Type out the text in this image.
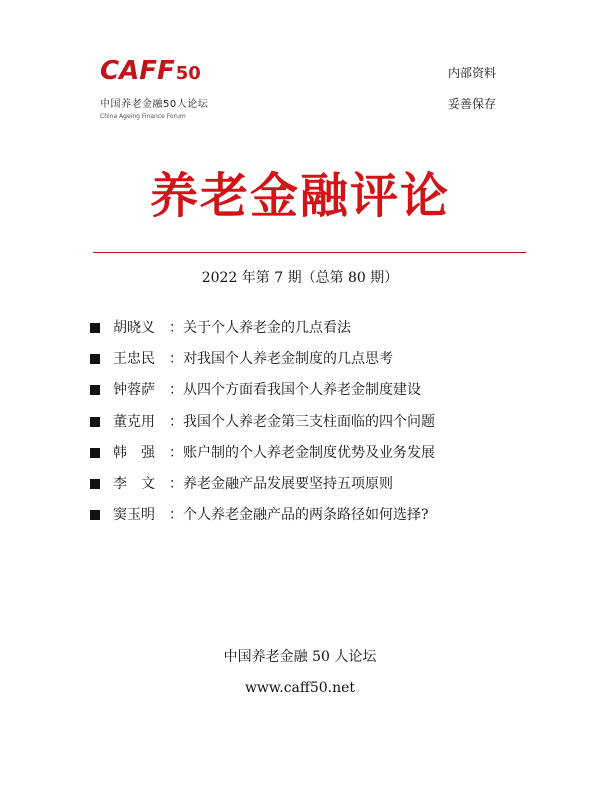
CAFF50
中国养老金融50人论坛
China Ageing Finance Forum
内部资料
妥善保存
养老金融评论
2022 年第 7 期（总第 80 期）
胡晓义	： 关于个人养老金的几点看法
王忠民	： 对我国个人养老金制度的几点思考
钟蓉萨	： 从四个方面看我国个人养老金制度建设
董克用	： 我国个人养老金第三支柱面临的四个问题
韩　强	： 账户制的个人养老金制度优势及业务发展
李　文	： 养老金融产品发展要坚持五项原则
窦玉明	： 个人养老金融产品的两条路径如何选择?
中国养老金融 50 人论坛
www.caff50.net
